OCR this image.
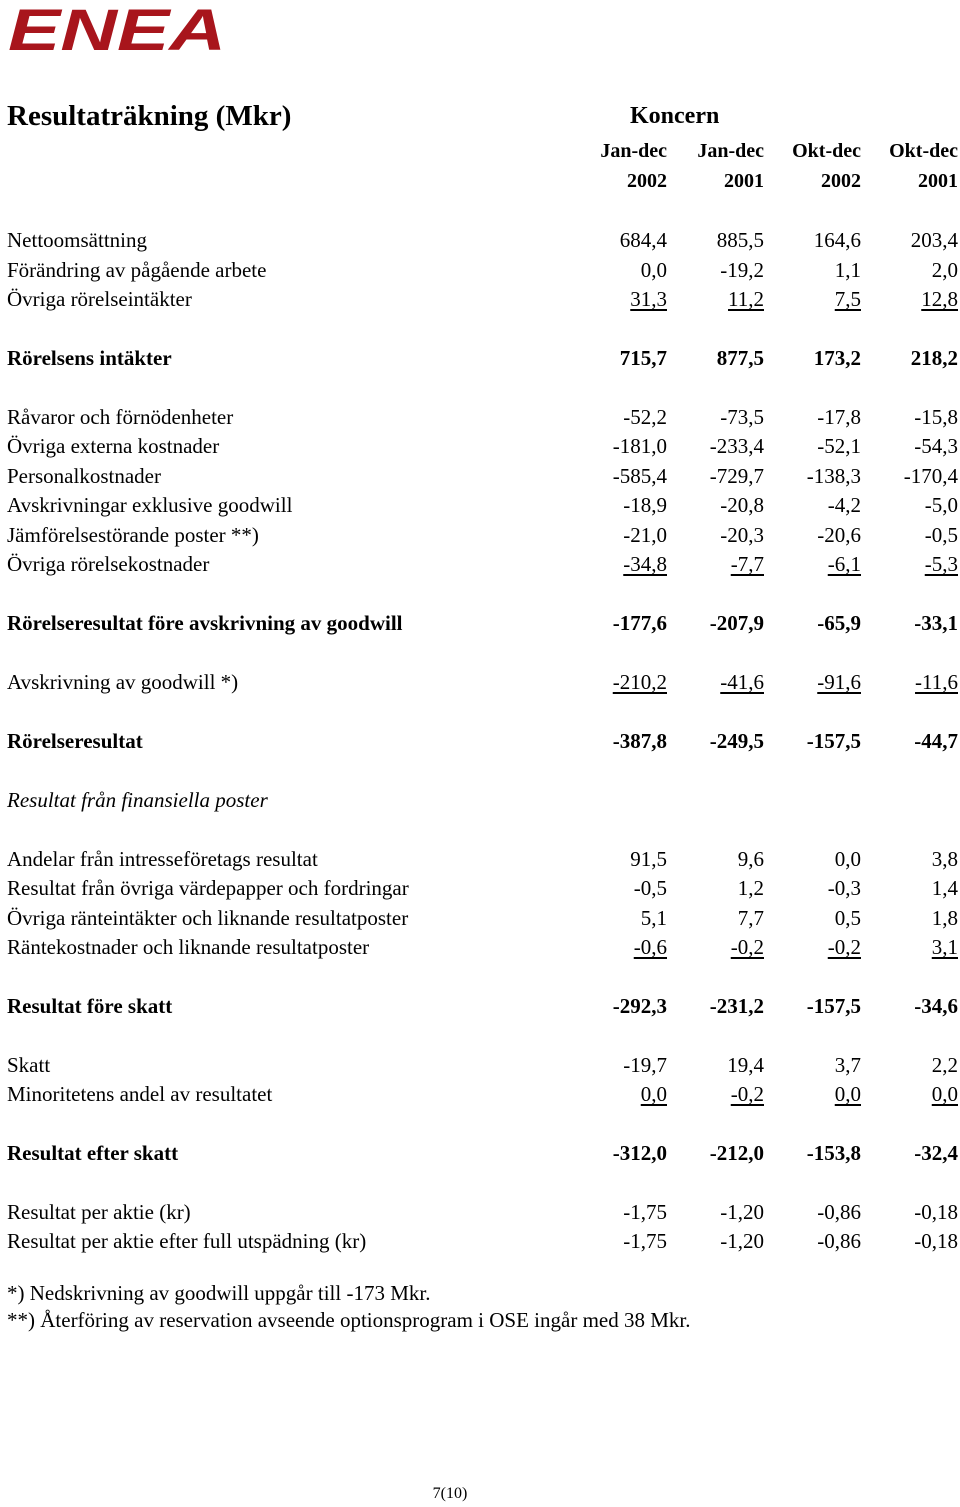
ENEA
Resultaträkning (Mkr)	Koncern
Jan-dec	Jan-dec	Okt-dec	Okt-dec
2002	2001	2002	2001
Nettoomsättning	684,4	885,5	164,6	203,4
Förändring av pågående arbete	0,0	-19,2	1,1	2,0
Övriga rörelseintäkter	31,3	11,2	7,5	12,8
Rörelsens intäkter	715,7	877,5	173,2	218,2
Råvaror och förnödenheter	-52,2	-73,5	-17,8	-15,8
Övriga externa kostnader	-181,0	-233,4	-52,1	-54,3
Personalkostnader	-585,4	-729,7	-138,3	-170,4
Avskrivningar exklusive goodwill	-18,9	-20,8	-4,2	-5,0
Jämförelsestörande poster **)	-21,0	-20,3	-20,6	-0,5
Övriga rörelsekostnader	-34,8	-7,7	-6,1	-5,3
Rörelseresultat före avskrivning av goodwill	-177,6	-207,9	-65,9	-33,1
Avskrivning av goodwill *)	-210,2	-41,6	-91,6	-11,6
Rörelseresultat	-387,8	-249,5	-157,5	-44,7
Resultat från finansiella poster
Andelar från intresseföretags resultat	91,5	9,6	0,0	3,8
Resultat från övriga värdepapper och fordringar	-0,5	1,2	-0,3	1,4
Övriga ränteintäkter och liknande resultatposter	5,1	7,7	0,5	1,8
Räntekostnader och liknande resultatposter	-0,6	-0,2	-0,2	3,1
Resultat före skatt	-292,3	-231,2	-157,5	-34,6
Skatt	-19,7	19,4	3,7	2,2
Minoritetens andel av resultatet	0,0	-0,2	0,0	0,0
Resultat efter skatt	-312,0	-212,0	-153,8	-32,4
Resultat per aktie (kr)	-1,75	-1,20	-0,86	-0,18
Resultat per aktie efter full utspädning (kr)	-1,75	-1,20	-0,86	-0,18
*) Nedskrivning av goodwill uppgår till -173 Mkr.
**) Återföring av reservation avseende optionsprogram i OSE ingår med 38 Mkr.
7(10)
